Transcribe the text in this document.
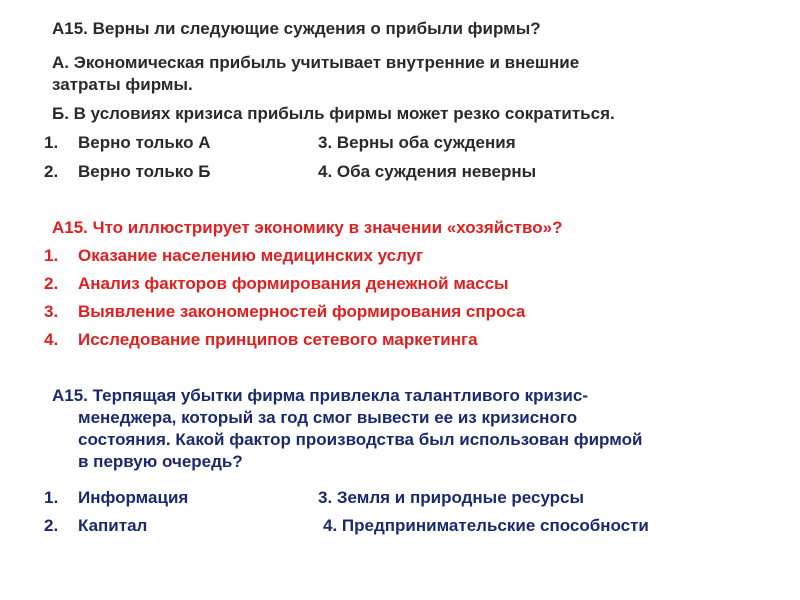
А15. Верны ли следующие суждения о прибыли фирмы?
А. Экономическая прибыль учитывает внутренние и внешние
затраты фирмы.
Б. В условиях кризиса прибыль фирмы может резко сократиться.
1. Верно только А
2. Верно только Б
3. Верны оба суждения
4. Оба суждения неверны
А15. Что иллюстрирует экономику в значении «хозяйство»?
1. Оказание населению медицинских услуг
2. Анализ факторов формирования денежной массы
3. Выявление закономерностей формирования спроса
4. Исследование принципов сетевого маркетинга
А15. Терпящая убытки фирма привлекла талантливого кризис-
менеджера, который за год смог вывести ее из кризисного
состояния. Какой фактор производства был использован фирмой
в первую очередь?
1. Информация
2. Капитал
3. Земля и природные ресурсы
4. Предпринимательские способности
